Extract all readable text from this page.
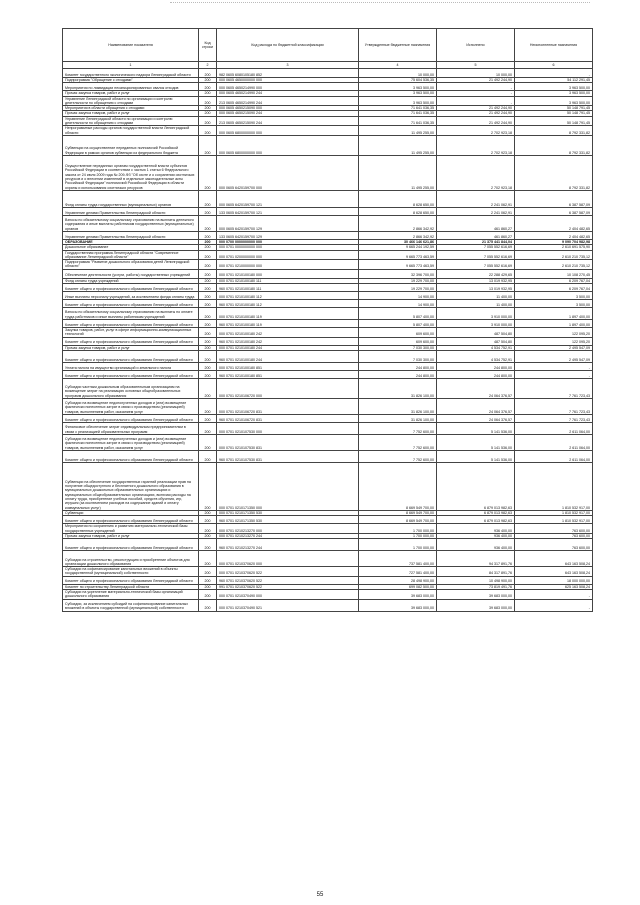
Наименование показателя	Код строки	Код расхода по бюджетной классификации	Утвержденные бюджетные назначения	Исполнено	Неисполненные назначения
1	2	3	4	5	6
Комитет государственного экологического надзора Ленинградской области	200	982 0605 6080105180 852	10 000,00	10 000,00	-
Подпрограмма "Обращение с отходами"	200	000 0605 4650000000 000	75 604 536,35	21 492 244,90	54 112 291,45
Мероприятия по ликвидации несанкционированных свалок отходов	200	000 0605 4650214990 000	3 963 500,00	-	3 963 500,00
Прочая закупка товаров, работ и услуг	200	000 0605 4650214990 244	3 963 500,00	-	3 963 500,00
Управление Ленинградской области по организации и контролю деятельности по обращению с отходами	200	213 0605 4650214990 244	3 963 500,00	-	3 963 500,00
Мероприятия в области обращения с отходами	200	000 0605 4650215090 000	71 641 036,35	21 492 244,90	50 148 791,45
Прочая закупка товаров, работ и услуг	200	000 0605 4650215090 244	71 641 036,35	21 492 244,90	50 148 791,45
Управление Ленинградской области по организации и контролю деятельности по обращению с отходами	200	213 0605 4650215090 244	71 641 036,35	21 492 244,90	50 148 791,45
Непрограммные расходы органов государственной власти Ленинградской области	200	000 0605 6800000000 000	11 495 255,00	2 702 923,18	8 792 331,82
Субвенции на осуществление переданных полномочий Российской Федерации в рамках органов субвенции из федерального бюджета	200	000 0605 6800000000 000	11 495 255,00	2 702 923,18	8 792 331,82
Осуществление переданных органам государственной власти субъектов Российской Федерации в соответствии с частью 1 статьи 6 Федерального закона от 24 июля 2009 года № 209-ФЗ "Об охоте и о сохранении охотничьих ресурсов и о внесении изменений в отдельные законодательные акты Российской Федерации" полномочий Российской Федерации в области охраны и использования охотничьих ресурсов	200	000 0605 6420159700 000	11 495 255,00	2 702 923,18	8 792 331,82
Фонд оплаты труда государственных (муниципальных) органов	200	000 0605 6420159700 121	8 628 650,00	2 241 062,91	6 387 587,09
Управление делами Правительства Ленинградской области	200	133 0605 6420159700 121	8 628 650,00	2 241 062,91	6 387 587,09
Взносы по обязательному социальному страхованию на выплаты денежного содержания и иные выплаты работникам государственных (муниципальных) органов	200	000 0605 6420159700 129	2 866 342,92	461 860,27	2 404 482,65
Управление делами Правительства Ленинградской области	200	133 0605 6420159700 129	2 866 342,92	461 860,27	2 404 482,65
ОБРАЗОВАНИЕ	200	000 0700 0000000000 000	30 466 146 621,86	21 375 441 844,04	9 090 704 982,98
Дошкольное образование	200	000 0701 0000000000 000	9 665 244 192,59	7 055 552 616,69	2 610 691 575,90
Государственная программа Ленинградской области "Современное образование Ленинградской области"	200	000 0701 0200000000 000	9 665 773 463,59	7 055 552 616,69	2 610 210 735,12
Подпрограмма "Развитие дошкольного образования детей Ленинградской области"	200	000 0701 0210000000 000	9 665 773 463,59	7 055 552 616,69	2 610 210 735,12
Обеспечение деятельности (услуги, работы) государственных учреждений	200	000 0701 0210100180 000	32 396 700,00	22 288 429,65	10 108 270,45
Фонд оплаты труда учреждений	200	000 0701 0210100180 111	19 229 700,00	13 019 932,95	6 209 767,04
Комитет общего и профессионального образования Ленинградской области	200	960 0701 0210100180 111	19 229 700,00	13 019 932,95	6 209 767,04
Иные выплаты персоналу учреждений, за исключением фонда оплаты труда	200	000 0701 0210100180 112	14 900,00	11 400,00	3 500,00
Комитет общего и профессионального образования Ленинградской области	200	960 0701 0210100180 112	14 900,00	11 400,00	3 500,00
Взносы по обязательному социальному страхованию на выплаты по оплате труда работников и иные выплаты работникам учреждений	200	000 0701 0210100180 119	5 807 400,00	3 910 000,00	1 897 400,00
Комитет общего и профессионального образования Ленинградской области	200	960 0701 0210100180 119	5 807 400,00	3 910 000,00	1 897 400,00
Закупка товаров, работ, услуг в сфере информационно-коммуникационных технологий	200	000 0701 0210100180 242	609 600,00	487 504,80	122 095,20
Комитет общего и профессионального образования Ленинградской области	200	960 0701 0210100180 242	609 600,00	487 504,80	122 095,20
Прочая закупка товаров, работ и услуг	200	000 0701 0210100180 244	7 030 300,00	4 534 752,91	2 495 547,09
Комитет общего и профессионального образования Ленинградской области	200	960 0701 0210100180 244	7 030 300,00	4 534 752,91	2 495 547,09
Уплата налога на имущество организаций и земельного налога	200	000 0701 0210100180 851	244 800,00	244 800,00	-
Комитет общего и профессионального образования Ленинградской области	200	960 0701 0210100180 851	244 800,00	244 800,00	-
Субсидии частным дошкольным образовательным организациям на возмещение затрат на реализацию основных общеобразовательных программ дошкольного образования	200	000 0701 0210106720 000	31 826 100,00	24 064 376,57	7 761 723,43
Субсидии на возмещение недополученных доходов и (или) возмещение фактически понесенных затрат в связи с производством (реализацией) товаров, выполнением работ, оказанием услуг	200	000 0701 0210106720 831	31 826 100,00	24 064 376,57	7 761 723,43
Комитет общего и профессионального образования Ленинградской области	200	960 0701 0210106720 831	31 826 100,00	24 064 376,57	7 761 723,43
Финансовое обеспечение затрат индивидуальным предпринимателям в связи с реализацией образовательных программ	200	000 0701 0210107530 000	7 752 600,00	5 141 536,00	2 611 064,00
Субсидии на возмещение недополученных доходов и (или) возмещение фактически понесенных затрат в связи с производством (реализацией) товаров, выполнением работ, оказанием услуг	200	000 0701 0210107530 831	7 752 600,00	5 141 536,00	2 611 064,00
Комитет общего и профессионального образования Ленинградской области	200	960 0701 0210107530 831	7 752 600,00	5 141 536,00	2 611 064,00
Субвенции на обеспечение государственных гарантий реализации прав на получение общедоступного и бесплатного дошкольного образования в муниципальных дошкольных образовательных организациях и муниципальных общеобразовательных организациях, включая расходы на оплату труда, приобретение учебных пособий, средств обучения, игр, игрушек (за исключением расходов на содержание зданий и оплату коммунальных услуг)	200	000 0701 0210171350 000	8 669 549 700,00	6 879 013 982,63	1 810 532 917,00
Субвенции	200	000 0701 0210171350 530	8 669 549 700,00	6 879 013 982,63	1 810 532 917,00
Комитет общего и профессионального образования Ленинградской области	200	960 0701 0210171350 530	8 669 549 700,00	6 879 013 982,63	1 810 532 917,00
Мероприятия по сохранению и развитию материально-технической базы государственных учреждений	200	000 0701 0210213270 000	1 700 000,00	936 400,00	763 600,00
Прочая закупка товаров, работ и услуг	200	000 0701 0210213270 244	1 700 000,00	936 400,00	763 600,00
Комитет общего и профессионального образования Ленинградской области	200	960 0701 0210213270 244	1 700 000,00	936 400,00	763 600,00
Субсидии на строительство, реконструкцию и приобретение объектов для организации дошкольного образования	200	000 0701 0210370620 000	737 581 400,00	94 317 891,76	643 163 508,24
Субсидии на софинансирование капитальных вложений в объекты государственной (муниципальной) собственности	200	000 0701 0210370620 522	727 581 400,00	84 317 891,76	643 163 508,24
Комитет общего и профессионального образования Ленинградской области	200	960 0701 0210370620 522	28 498 900,00	10 498 900,00	18 000 000,00
Комитет по строительству Ленинградской области	200	991 0701 0210370620 522	699 082 500,00	73 819 491,76	625 163 508,24
Субсидии на укрепление материально-технической базы организаций дошкольного образования	200	000 0701 0210370490 000	39 683 000,00	39 683 000,00	-
Субсидии, за исключением субсидий на софинансирование капитальных вложений в объекты государственной (муниципальной) собственности	200	000 0701 0210370490 521	39 683 000,00	39 683 000,00	-
55
